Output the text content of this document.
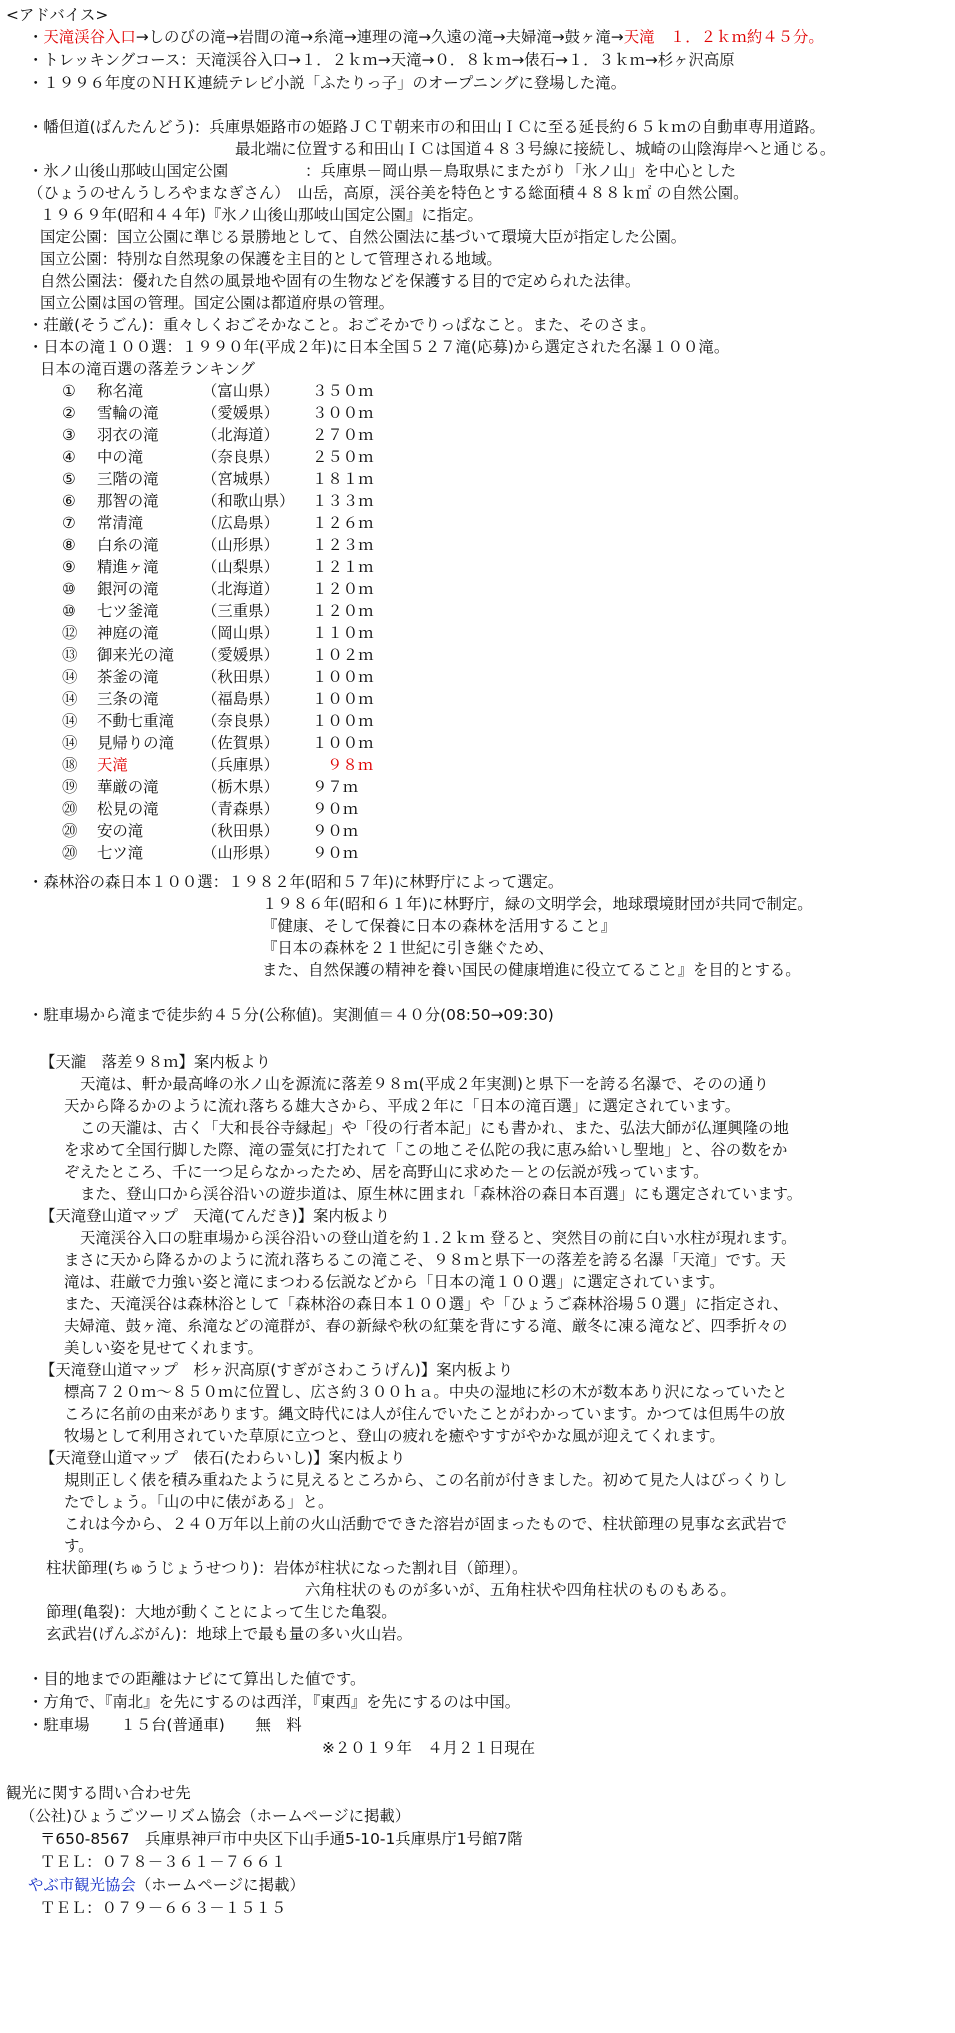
<アドバイス>
・天滝渓谷入口→しのびの滝→岩間の滝→糸滝→連理の滝→久遠の滝→夫婦滝→鼓ヶ滝→天滝　１．２ｋｍ約４５分。
・トレッキングコース：天滝渓谷入口→１．２ｋｍ→天滝→０．８ｋｍ→俵石→１．３ｋｍ→杉ヶ沢高原
・１９９６年度のＮＨＫ連続テレビ小説「ふたりっ子」のオープニングに登場した滝。
・幡但道(ばんたんどう)：兵庫県姫路市の姫路ＪＣＴ朝来市の和田山ＩＣに至る延長約６５ｋｍの自動車専用道路。
最北端に位置する和田山ＩＣは国道４８３号線に接続し、城崎の山陰海岸へと通じる。
・氷ノ山後山那岐山国定公園　　　　　：兵庫県－岡山県－鳥取県にまたがり「氷ノ山」を中心とした
（ひょうのせんうしろやまなぎさん）　山岳，高原，渓谷美を特色とする総面積４８８ｋ㎡ の自然公園。
１９６９年(昭和４４年)『氷ノ山後山那岐山国定公園』に指定。
国定公園：国立公園に準じる景勝地として、自然公園法に基づいて環境大臣が指定した公園。
国立公園：特別な自然現象の保護を主目的として管理される地域。
自然公園法：優れた自然の風景地や固有の生物などを保護する目的で定められた法律。
国立公園は国の管理。国定公園は都道府県の管理。
・荘厳(そうごん)：重々しくおごそかなこと。おごそかでりっぱなこと。また、そのさま。
・日本の滝１００選：１９９０年(平成２年)に日本全国５２７滝(応募)から選定された名瀑１００滝。
日本の滝百選の落差ランキング
① 称名滝	（富山県） ３５０ｍ
② 雪輪の滝	（愛媛県） ３００ｍ
③ 羽衣の滝	（北海道） ２７０ｍ
④ 中の滝	（奈良県） ２５０ｍ
⑤ 三階の滝	（宮城県） １８１ｍ
⑥ 那智の滝	（和歌山県） １３３ｍ
⑦ 常清滝	（広島県） １２６ｍ
⑧ 白糸の滝	（山形県） １２３ｍ
⑨ 精進ヶ滝	（山梨県） １２１ｍ
⑩ 銀河の滝	（北海道） １２０ｍ
⑩ 七ツ釜滝	（三重県） １２０ｍ
⑫ 神庭の滝	（岡山県） １１０ｍ
⑬ 御来光の滝 （愛媛県） １０２ｍ
⑭ 茶釜の滝	（秋田県） １００ｍ
⑭ 三条の滝	（福島県） １００ｍ
⑭ 不動七重滝 （奈良県） １００ｍ
⑭ 見帰りの滝 （佐賀県） １００ｍ
⑱ 天滝	（兵庫県）	９８ｍ
⑲ 華厳の滝	（栃木県） ９７ｍ
⑳ 松見の滝	（青森県） ９０ｍ
⑳ 安の滝	（秋田県） ９０ｍ
⑳ 七ツ滝	（山形県） ９０ｍ
・森林浴の森日本１００選：１９８２年(昭和５７年)に林野庁によって選定。
１９８６年(昭和６１年)に林野庁，緑の文明学会，地球環境財団が共同で制定。
『健康、そして保養に日本の森林を活用すること』
『日本の森林を２１世紀に引き継ぐため、
また、自然保護の精神を養い国民の健康増進に役立てること』を目的とする。
・駐車場から滝まで徒歩約４５分(公称値)。実測値＝４０分(08:50→09:30)
【天瀧　落差９８ｍ】案内板より
天滝は、軒か最高峰の氷ノ山を源流に落差９８ｍ(平成２年実測)と県下一を誇る名瀑で、そのの通り
天から降るかのように流れ落ちる雄大さから、平成２年に「日本の滝百選」に選定されています。
この天瀧は、古く「大和長谷寺縁起」や「役の行者本記」にも書かれ、また、弘法大師が仏運興隆の地
を求めて全国行脚した際、滝の霊気に打たれて「この地こそ仏陀の我に恵み給いし聖地」と、谷の数をか
ぞえたところ、千に一つ足らなかったため、居を高野山に求めた－との伝説が残っています。
また、登山口から渓谷沿いの遊歩道は、原生林に囲まれ「森林浴の森日本百選」にも選定されています。
【天滝登山道マップ　天滝(てんだき)】案内板より
天滝渓谷入口の駐車場から渓谷沿いの登山道を約１.２ｋｍ 登ると、突然目の前に白い水柱が現れます。
まさに天から降るかのように流れ落ちるこの滝こそ、９８ｍと県下一の落差を誇る名瀑「天滝」です。天
滝は、荘厳で力強い姿と滝にまつわる伝説などから「日本の滝１００選」に選定されています。
また、天滝渓谷は森林浴として「森林浴の森日本１００選」や「ひょうご森林浴場５０選」に指定され、
夫婦滝、鼓ヶ滝、糸滝などの滝群が、春の新緑や秋の紅葉を背にする滝、厳冬に凍る滝など、四季折々の
美しい姿を見せてくれます。
【天滝登山道マップ　杉ヶ沢高原(すぎがさわこうげん)】案内板より
標高７２０ｍ～８５０ｍに位置し、広さ約３００ｈａ。中央の湿地に杉の木が数本あり沢になっていたと
ころに名前の由来があります。縄文時代には人が住んでいたことがわかっています。かつては但馬牛の放
牧場として利用されていた草原に立つと、登山の疲れを癒やすすがやかな風が迎えてくれます。
【天滝登山道マップ　俵石(たわらいし)】案内板より
規則正しく俵を積み重ねたように見えるところから、この名前が付きました。初めて見た人はびっくりし
たでしょう。「山の中に俵がある」と。
これは今から、２４０万年以上前の火山活動でできた溶岩が固まったもので、柱状節理の見事な玄武岩で
す。
柱状節理(ちゅうじょうせつり)：岩体が柱状になった割れ目（節理）。
六角柱状のものが多いが、五角柱状や四角柱状のものもある。
節理(亀裂)：大地が動くことによって生じた亀裂。
玄武岩(げんぶがん)：地球上で最も量の多い火山岩。
・目的地までの距離はナビにて算出した値です。
・方角で、『南北』を先にするのは西洋，『東西』を先にするのは中国。
・駐車場　　１５台(普通車)　　無　料
※２０１９年　４月２１日現在
観光に関する問い合わせ先
（公社)ひょうごツーリズム協会（ホームページに掲載）
〒650-8567　兵庫県神戸市中央区下山手通5-10-1兵庫県庁1号館7階
ＴＥＬ：０７８－３６１－７６６１
やぶ市観光協会（ホームページに掲載）
ＴＥＬ：０７９－６６３－１５１５
